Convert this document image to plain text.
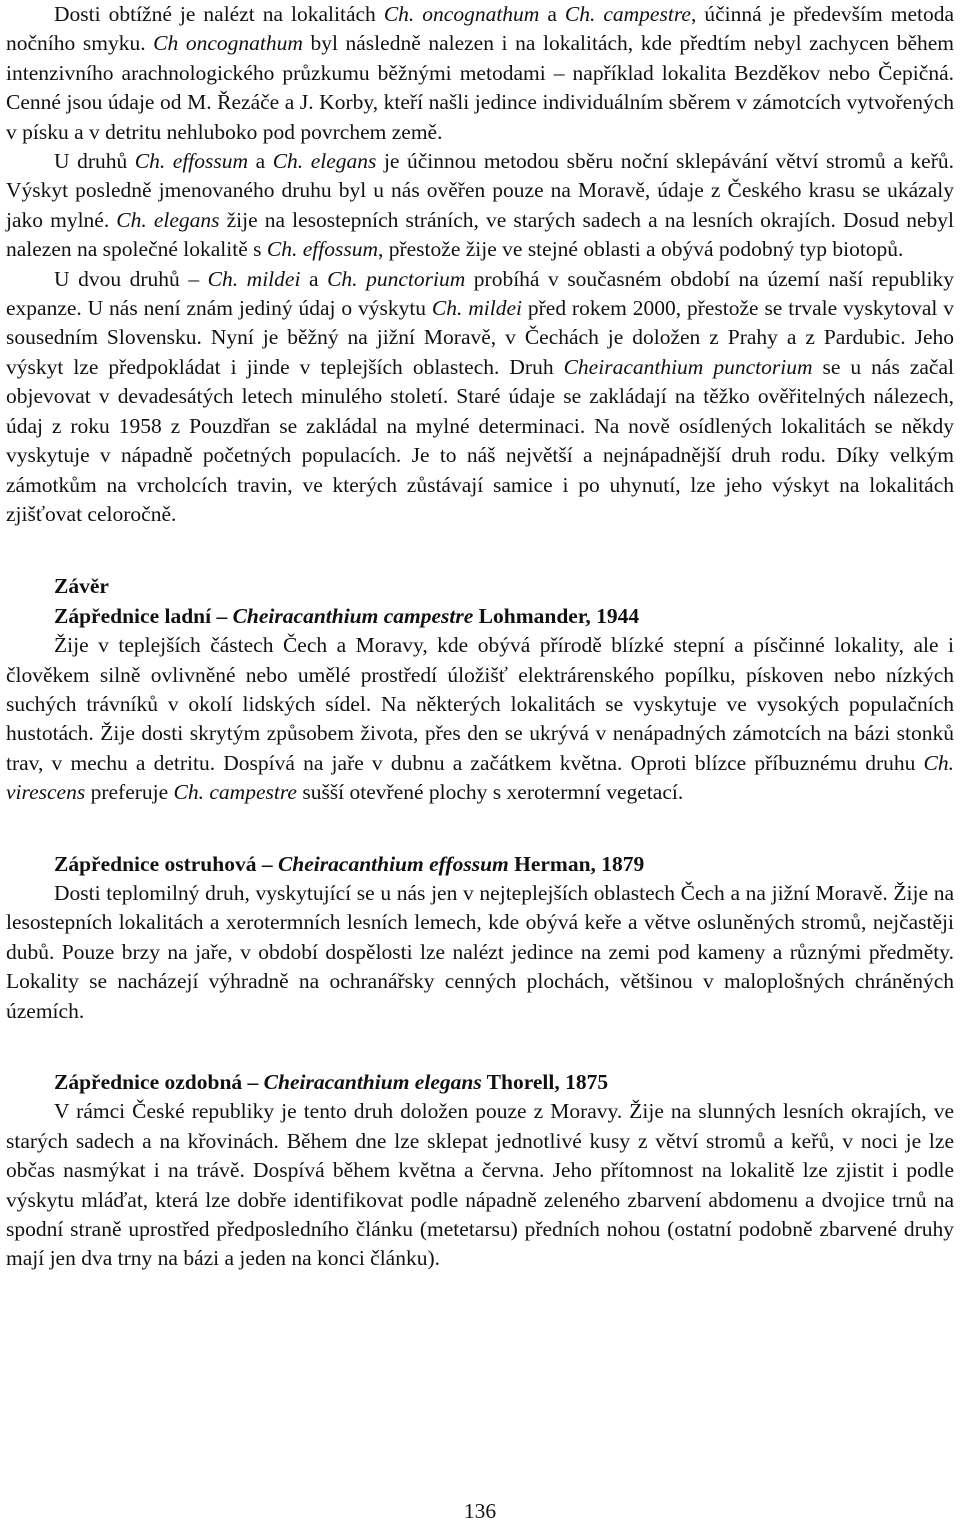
Dosti obtížné je nalézt na lokalitách Ch. oncognathum a Ch. campestre, účinná je především metoda nočního smyku. Ch oncognathum byl následně nalezen i na lokalitách, kde předtím nebyl zachycen během intenzivního arachnologického průzkumu běžnými metodami – například lokalita Bezděkov nebo Čepičná. Cenné jsou údaje od M. Řezáče a J. Korby, kteří našli jedince individuálním sběrem v zámotcích vytvořených v písku a v detritu nehluboko pod povrchem země.

U druhů Ch. effossum a Ch. elegans je účinnou metodou sběru noční sklepávání větví stromů a keřů. Výskyt posledně jmenovaného druhu byl u nás ověřen pouze na Moravě, údaje z Českého krasu se ukázaly jako mylné. Ch. elegans žije na lesostepních stráních, ve starých sadech a na lesních okrajích. Dosud nebyl nalezen na společné lokalitě s Ch. effossum, přestože žije ve stejné oblasti a obývá podobný typ biotopů.

U dvou druhů – Ch. mildei a Ch. punctorium probíhá v současném období na území naší republiky expanze. U nás není znám jediný údaj o výskytu Ch. mildei před rokem 2000, přestože se trvale vyskytoval v sousedním Slovensku. Nyní je běžný na jižní Moravě, v Čechách je doložen z Prahy a z Pardubic. Jeho výskyt lze předpokládat i jinde v teplejších oblastech. Druh Cheiracanthium punctorium se u nás začal objevovat v devadesátých letech minulého století. Staré údaje se zakládají na těžko ověřitelných nálezech, údaj z roku 1958 z Pouzdřan se zakládal na mylné determinaci. Na nově osídlených lokalitách se někdy vyskytuje v nápadně početných populacích. Je to náš největší a nejnápadnější druh rodu. Díky velkým zámotkům na vrcholcích travin, ve kterých zůstávají samice i po uhynutí, lze jeho výskyt na lokalitách zjišťovat celoročně.

Závěr
Zápřednice ladní – Cheiracanthium campestre Lohmander, 1944

Žije v teplejších částech Čech a Moravy, kde obývá přírodě blízké stepní a písčinné lokality, ale i člověkem silně ovlivněné nebo umělé prostředí úložišť elektrárenského popílku, pískoven nebo nízkých suchých trávníků v okolí lidských sídel. Na některých lokalitách se vyskytuje ve vysokých populačních hustotách. Žije dosti skrytým způsobem života, přes den se ukrývá v nenápadných zámotcích na bázi stonků trav, v mechu a detritu. Dospívá na jaře v dubnu a začátkem května. Oproti blízce příbuznému druhu Ch. virescens preferuje Ch. campestre sušší otevřené plochy s xerotermní vegetací.

Zápřednice ostruhová – Cheiracanthium effossum Herman, 1879

Dosti teplomilný druh, vyskytující se u nás jen v nejteplejších oblastech Čech a na jižní Moravě. Žije na lesostepních lokalitách a xerotermních lesních lemech, kde obývá keře a větve osluněných stromů, nejčastěji dubů. Pouze brzy na jaře, v období dospělosti lze nalézt jedince na zemi pod kameny a různými předměty. Lokality se nacházejí výhradně na ochranářsky cenných plochách, většinou v maloplošných chráněných územích.

Zápřednice ozdobná – Cheiracanthium elegans Thorell, 1875

V rámci České republiky je tento druh doložen pouze z Moravy. Žije na slunných lesních okrajích, ve starých sadech a na křovinách. Během dne lze sklepat jednotlivé kusy z větví stromů a keřů, v noci je lze občas nasmýkat i na trávě. Dospívá během května a června. Jeho přítomnost na lokalitě lze zjistit i podle výskytu mláďat, která lze dobře identifikovat podle nápadně zeleného zbarvení abdomenu a dvojice trnů na spodní straně uprostřed předposledního článku (metetarsu) předních nohou (ostatní podobně zbarvené druhy mají jen dva trny na bázi a jeden na konci článku).

136
